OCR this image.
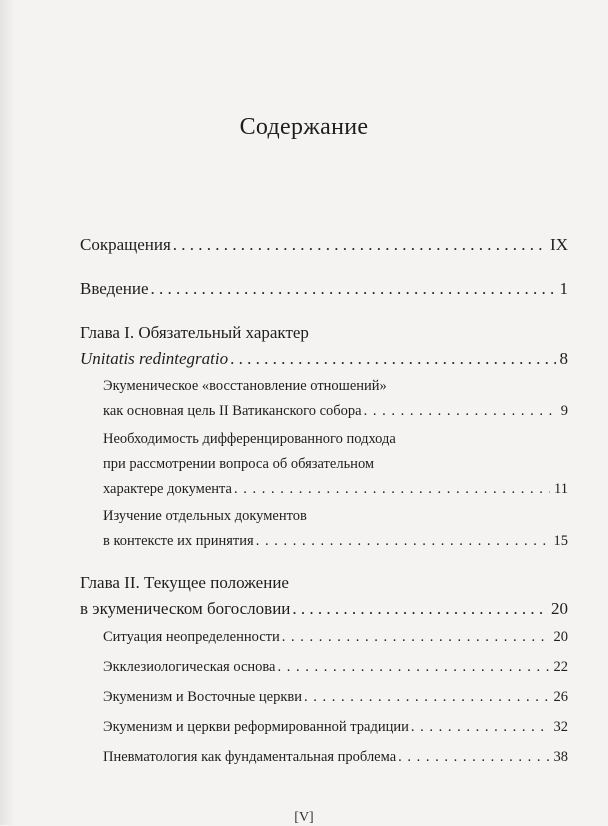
Содержание
Сокращения . . .	IX
Введение . . .	1
Глава I. Обязательный характер
Unitatis redintegratio . . .	8
Экуменическое «восстановление отношений»
как основная цель II Ватиканского собора . . .	9
Необходимость дифференцированного подхода
при рассмотрении вопроса об обязательном
характере документа . . .	11
Изучение отдельных документов
в контексте их принятия . . .	15
Глава II. Текущее положение
в экуменическом богословии . . .	20
Ситуация неопределенности . . .	20
Экклезиологическая основа . . .	22
Экуменизм и Восточные церкви . . .	26
Экуменизм и церкви реформированной традиции . . .	32
Пневматология как фундаментальная проблема . . .	38
[V]
